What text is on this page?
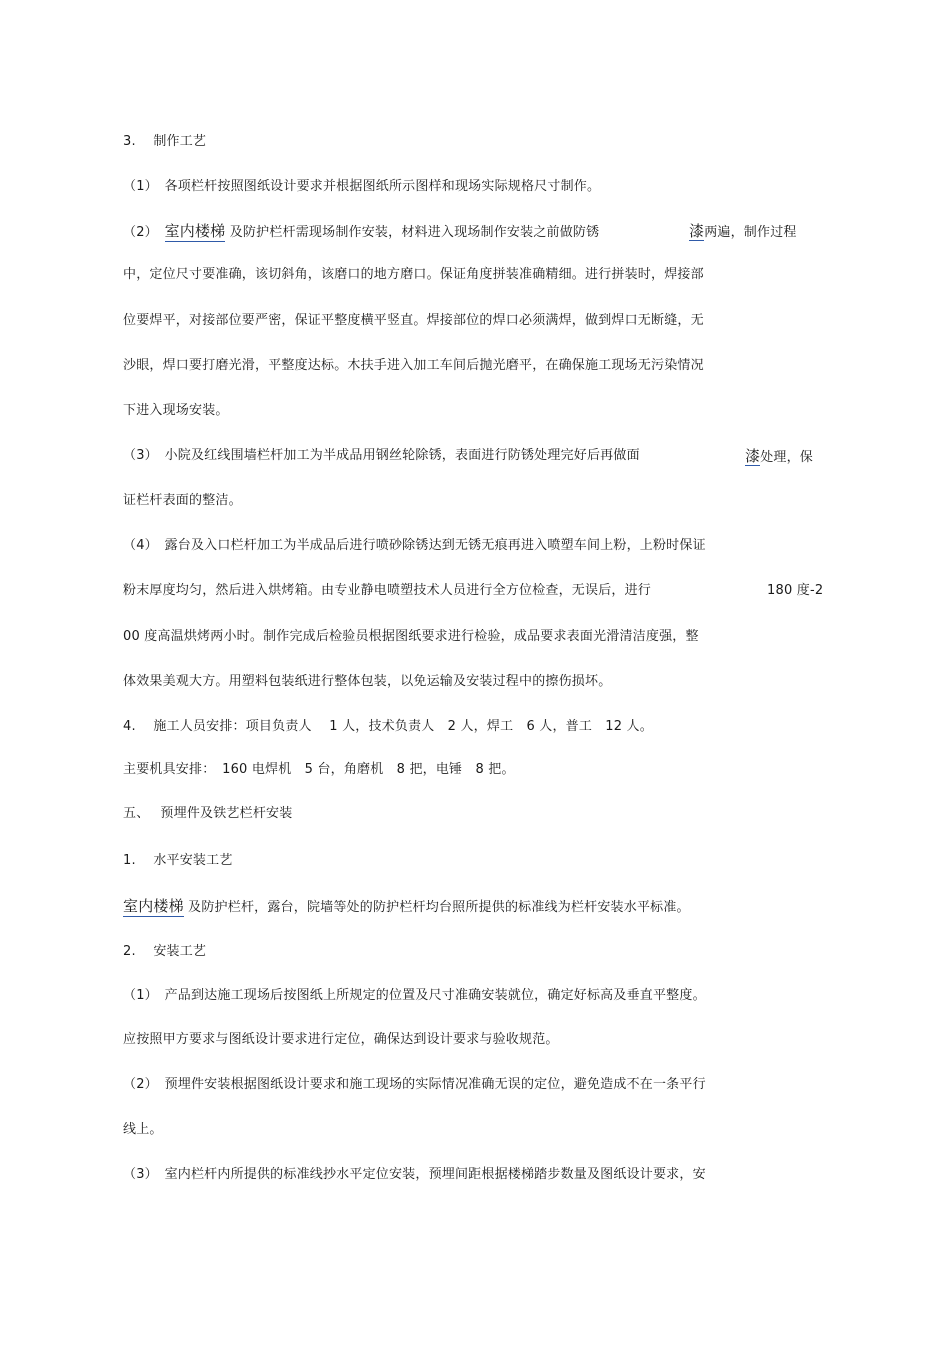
3.　 制作工艺
（1）　各项栏杆按照图纸设计要求并根据图纸所示图样和现场实际规格尺寸制作。
（2）　室内楼梯 及防护栏杆需现场制作安装，材料进入现场制作安装之前做防锈	漆两遍，制作过程
中，定位尺寸要准确，该切斜角，该磨口的地方磨口。保证角度拼装准确精细。进行拼装时，焊接部
位要焊平，对接部位要严密，保证平整度横平竖直。焊接部位的焊口必须满焊，做到焊口无断缝，无
沙眼，焊口要打磨光滑，平整度达标。木扶手进入加工车间后抛光磨平，在确保施工现场无污染情况
下进入现场安装。
（3）　小院及红线围墙栏杆加工为半成品用钢丝轮除锈，表面进行防锈处理完好后再做面	漆处理，保
证栏杆表面的整洁。
（4）　露台及入口栏杆加工为半成品后进行喷砂除锈达到无锈无痕再进入喷塑车间上粉，上粉时保证
粉末厚度均匀，然后进入烘烤箱。由专业静电喷塑技术人员进行全方位检查，无误后，进行	180 度-2
00 度高温烘烤两小时。制作完成后检验员根据图纸要求进行检验，成品要求表面光滑清洁度强，整
体效果美观大方。用塑料包装纸进行整体包装，以免运输及安装过程中的擦伤损坏。
4.　 施工人员安排：项目负责人　 1 人，技术负责人　2 人，焊工　6 人，普工　12 人。
主要机具安排：　160 电焊机　5 台，角磨机　8 把，电锤　8 把。
五、　 预埋件及铁艺栏杆安装
1.　 水平安装工艺
室内楼梯 及防护栏杆，露台，院墙等处的防护栏杆均台照所提供的标准线为栏杆安装水平标准。
2.　 安装工艺
（1）　产品到达施工现场后按图纸上所规定的位置及尺寸准确安装就位，确定好标高及垂直平整度。
应按照甲方要求与图纸设计要求进行定位，确保达到设计要求与验收规范。
（2）　预埋件安装根据图纸设计要求和施工现场的实际情况准确无误的定位，避免造成不在一条平行
线上。
（3）　室内栏杆内所提供的标准线抄水平定位安装，预埋间距根据楼梯踏步数量及图纸设计要求，安
